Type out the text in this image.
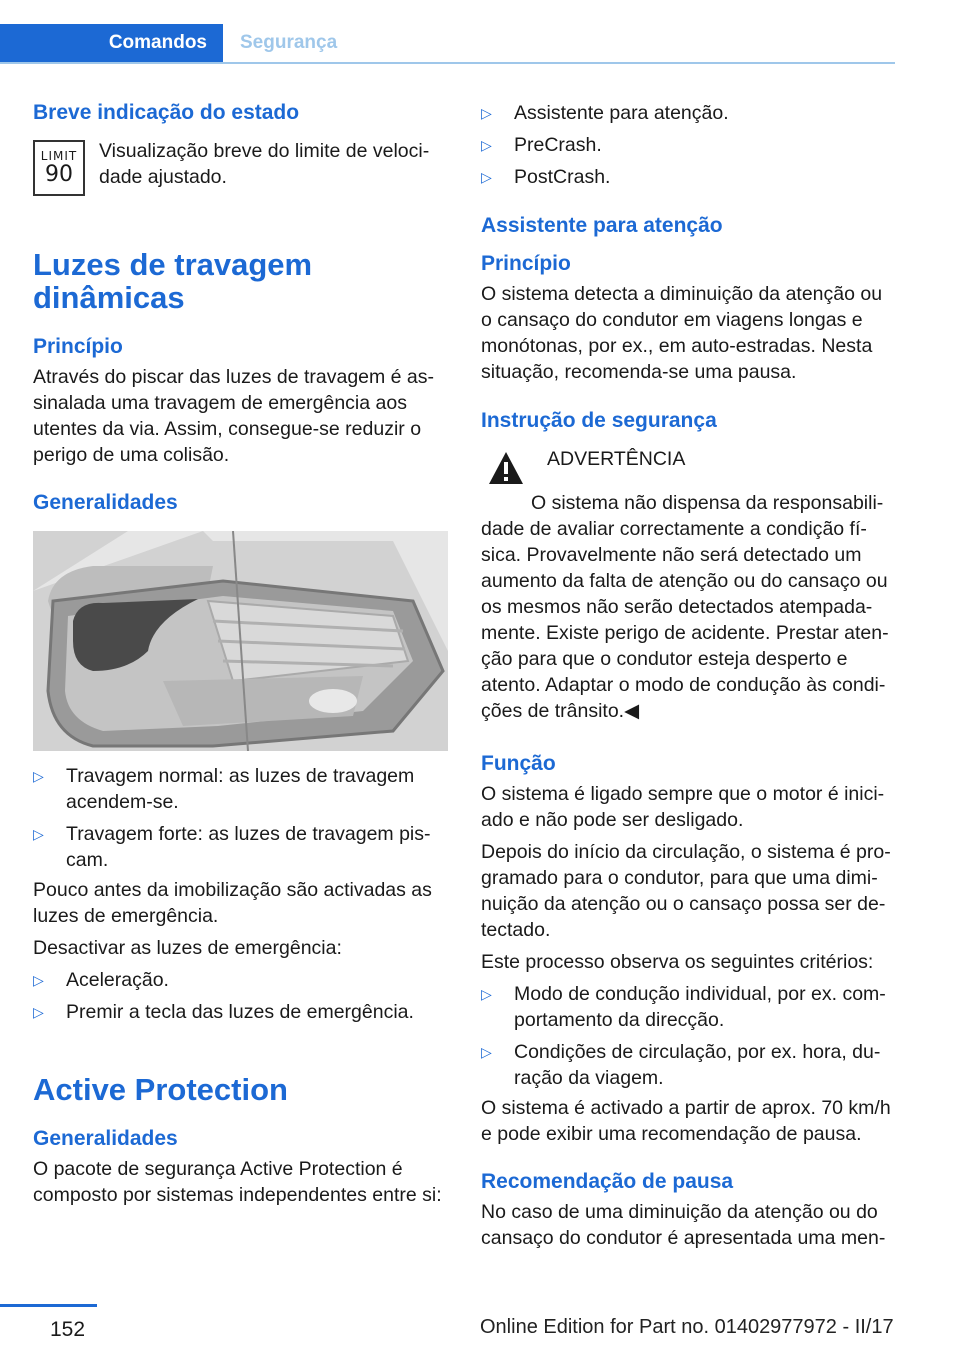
Comandos	Segurança
Breve indicação do estado
LIMIT
90

Visualização breve do limite de veloci‐dade ajustado.

Luzes de travagem dinâmicas
Princípio

Através do piscar das luzes de travagem é as‐sinalada uma travagem de emergência aos utentes da via. Assim, consegue-se reduzir o perigo de uma colisão.

Generalidades
▷	Travagem normal: as luzes de travagem acendem-se.
▷	Travagem forte: as luzes de travagem pis‐cam.

Pouco antes da imobilização são activadas as luzes de emergência.

Desactivar as luzes de emergência:

▷	Aceleração.
▷	Premir a tecla das luzes de emergência.
Active Protection
Generalidades

O pacote de segurança Active Protection é composto por sistemas independentes entre si:

▷	Assistente para atenção.
▷	PreCrash.
▷	PostCrash.
Assistente para atenção
Princípio

O sistema detecta a diminuição da atenção ou o cansaço do condutor em viagens longas e monótonas, por ex., em auto-estradas. Nesta situação, recomenda-se uma pausa.

Instrução de segurança
ADVERTÊNCIA

O sistema não dispensa da responsabili‐dade de avaliar correctamente a condição fí‐sica. Provavelmente não será detectado um aumento da falta de atenção ou do cansaço ou os mesmos não serão detectados atempada‐mente. Existe perigo de acidente. Prestar aten‐ção para que o condutor esteja desperto e atento. Adaptar o modo de condução às condi‐ções de trânsito.◀

Função

O sistema é ligado sempre que o motor é inici‐ado e não pode ser desligado.

Depois do início da circulação, o sistema é pro‐gramado para o condutor, para que uma dimi‐nuição da atenção ou o cansaço possa ser de‐tectado.

Este processo observa os seguintes critérios:

▷	Modo de condução individual, por ex. com‐portamento da direcção.
▷	Condições de circulação, por ex. hora, du‐ração da viagem.

O sistema é activado a partir de aprox. 70 km/h e pode exibir uma recomendação de pausa.

Recomendação de pausa

No caso de uma diminuição da atenção ou do cansaço do condutor é apresentada uma men‐

152	Online Edition for Part no. 01402977972 - II/17
